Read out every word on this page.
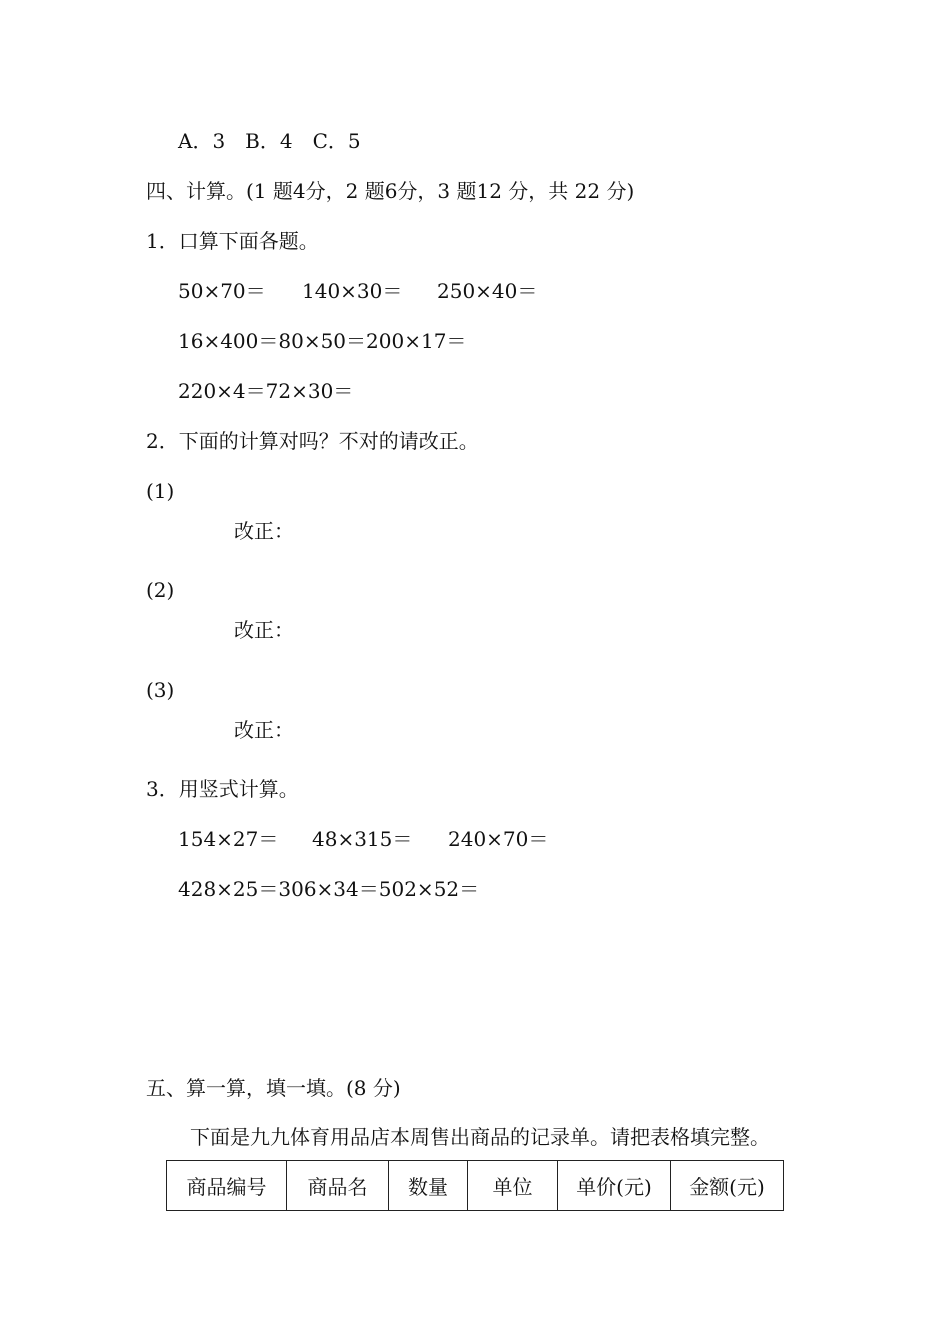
A．3　B．4　C．5
四、计算。(1 题4分，2 题6分，3 题12 分，共 22 分)
1．口算下面各题。
50×70＝ 140×30＝ 250×40＝
16×400＝80×50＝200×17＝
220×4＝72×30＝
2．下面的计算对吗？不对的请改正。
(1)
改正：
(2)
改正：
(3)
改正：
3．用竖式计算。
154×27＝ 48×315＝ 240×70＝
428×25＝306×34＝502×52＝
五、算一算，填一填。(8 分)
下面是九九体育用品店本周售出商品的记录单。请把表格填完整。
商品编号	商品名	数量	单位	单价(元)	金额(元)
